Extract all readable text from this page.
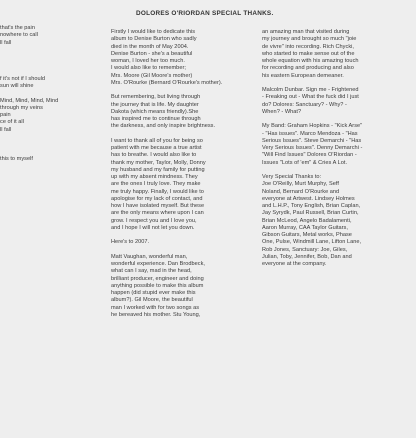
DOLORES O'RIORDAN SPECIAL THANKS.
that's the pain
nowhere to call
ll fall
f it's not if I should
sun will shine
Mind, Mind, Mind, Mind
through my veins
pain
ce of it all
ll fall
this to myself
Firstly I would like to dedicate this
album to Denise Burton who sadly
died in the month of May 2004.
Denise Burton - she's a beautiful
woman, I loved her too much.
I would also like to remember;
Mrs. Moore (Gil Moore's mother)
Mrs. O'Rourke (Bernard O'Rourke's mother).
But remembering, but living through
the journey that is life. My daughter
Dakota (which means friendly).She
has inspired me to continue through
the darkness, and only inspire brightness.
I want to thank all of you for being so
patient with me because a true artist
has to breathe. I would also like to
thank my mother, Taylor, Molly, Donny
my husband and my family for putting
up with my absent mindness. They
are the ones I truly love. They make
me truly happy. Finally, I would like to
apologise for my lack of contact, and
how I have isolated myself. But these
are the only means where upon I can
grow. I respect you and I love you,
and I hope I will not let you down.
Here's to 2007.
Matt Vaughan, wonderful man,
wonderful experience. Dan Brodbeck,
what can I say, mad in the head,
brilliant producer, engineer and doing
anything possible to make this album
happen (did stupid ever make this
album?). Gil Moore, the beautiful
man I worked with for two songs as
he bereaved his mother. Stu Young,
an amazing man that visited during
my journey and brought so much "joie
de vivre" into recording. Rich Chycki,
who started to make sense out of the
whole equation with his amazing touch
for recording and producing and also
his eastern European demeaner.
Malcolm Dunbar. Sign me - Frightened
- Freaking out - What the fuck did I just
do? Dolores: Sanctuary? - Why? -
When? - What?
My Band: Graham Hopkins - "Kick Arse"
- "Has issues". Marco Mendoza - "Has
Serious Issues". Steve Demarchi - "Has
Very Serious Issues". Denny Demarchi -
"Will Find Issues" Dolores O'Riordan -
Issues "Lots of 'em" & Cries A Lot.
Very Special Thanks to:
Joe O'Reilly, Murt Murphy, Seff
Noland, Bernard O'Rourke and
everyone at Artwest. Lindsey Holmes
and L.H.P., Tony English, Brian Caplan,
Jay Syrydk, Paul Russell, Brian Curtin,
Brian McLeod, Angelo Badalamenti,
Aaron Murray, CAA Taylor Guitars,
Gibson Guitars, Metal works, Phase
One, Pulse, Windmill Lane, Lifton Lane,
Rob Jones, Sanctuary: Joe, Giles,
Julian, Toby, Jennifer, Bob, Dan and
everyone at the company.
